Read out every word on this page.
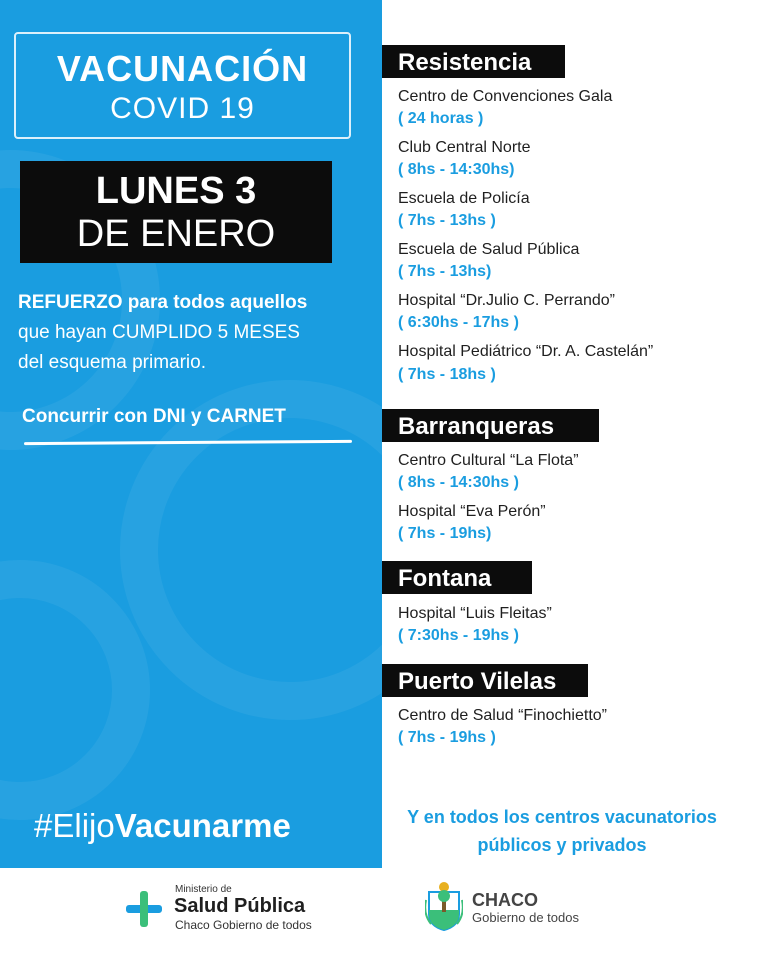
VACUNACIÓN
COVID 19
LUNES 3
DE ENERO
REFUERZO para todos aquellos
que hayan CUMPLIDO 5 MESES
del esquema primario.
Concurrir con DNI y CARNET
#ElijoVacunarme
Resistencia
Centro de Convenciones Gala
( 24 horas )
Club Central Norte
( 8hs - 14:30hs)
Escuela de Policía
( 7hs - 13hs )
Escuela de Salud Pública
( 7hs - 13hs)
Hospital “Dr.Julio C. Perrando”
( 6:30hs - 17hs )
Hospital Pediátrico “Dr. A. Castelán”
( 7hs - 18hs )
Barranqueras
Centro Cultural “La Flota”
( 8hs - 14:30hs )
Hospital “Eva Perón”
( 7hs - 19hs)
Fontana
Hospital “Luis Fleitas”
( 7:30hs - 19hs )
Puerto Vilelas
Centro de Salud “Finochietto”
( 7hs - 19hs )
Y en todos los centros vacunatorios
públicos y privados
Ministerio de
Salud Pública
Chaco Gobierno de todos
CHACO
Gobierno de todos
